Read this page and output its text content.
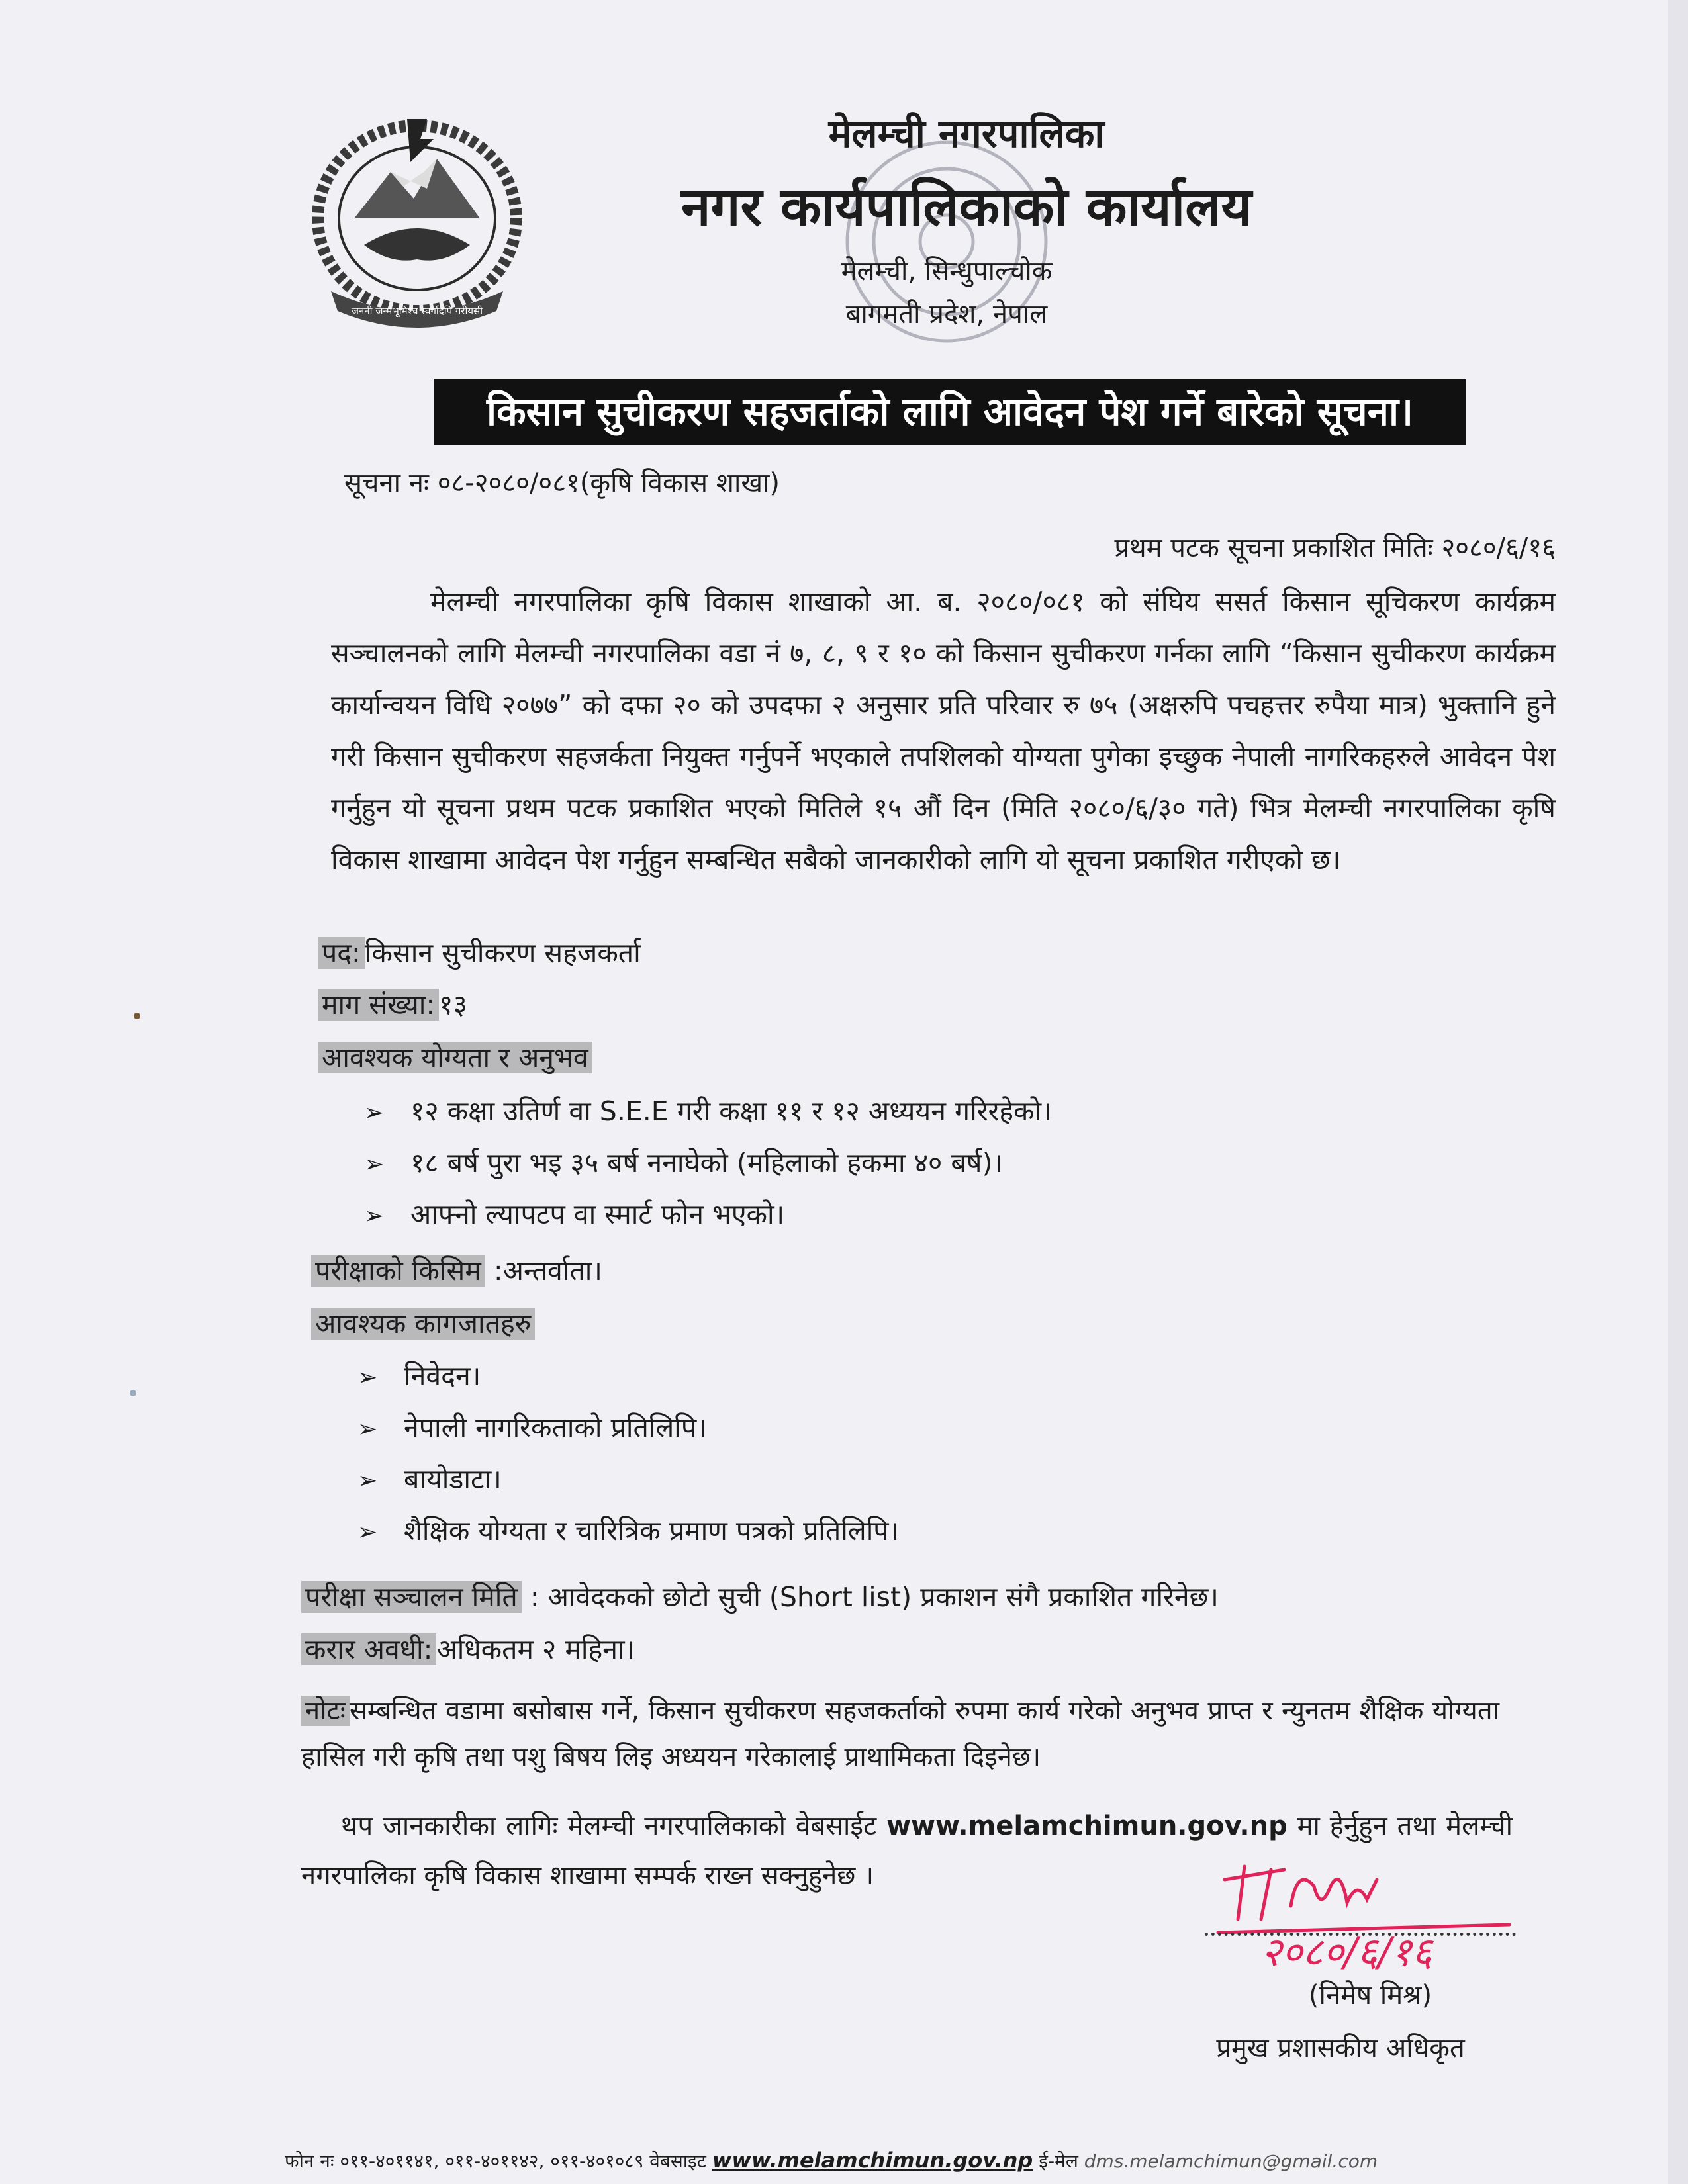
जननी जन्मभूमिश्च स्वर्गादपि गरीयसी
मेलम्ची नगरपालिका
नगर कार्यपालिकाको कार्यालय
मेलम्ची, सिन्धुपाल्चोक
बागमती प्रदेश, नेपाल
किसान सुचीकरण सहजर्ताको लागि आवेदन पेश गर्ने बारेको सूचना।
सूचना नः ०८-२०८०/०८१(कृषि विकास शाखा)
प्रथम पटक सूचना प्रकाशित मितिः २०८०/६/१६
मेलम्ची नगरपालिका कृषि विकास शाखाको आ. ब. २०८०/०८१ को संघिय ससर्त किसान सूचिकरण कार्यक्रम सञ्चालनको लागि मेलम्ची नगरपालिका वडा नं ७, ८, ९ र १० को किसान सुचीकरण गर्नका लागि “किसान सुचीकरण कार्यक्रम कार्यान्वयन विधि २०७७” को दफा २० को उपदफा २ अनुसार प्रति परिवार रु ७५ (अक्षरुपि पचहत्तर रुपैया मात्र) भुक्तानि हुने गरी किसान सुचीकरण सहजर्कता नियुक्त गर्नुपर्ने भएकाले तपशिलको योग्यता पुगेका इच्छुक नेपाली नागरिकहरुले आवेदन पेश गर्नुहुन यो सूचना प्रथम पटक प्रकाशित भएको मितिले १५ औं दिन (मिति २०८०/६/३० गते) भित्र मेलम्ची नगरपालिका कृषि विकास शाखामा आवेदन पेश गर्नुहुन सम्बन्धित सबैको जानकारीको लागि यो सूचना प्रकाशित गरीएको छ।
पद: किसान सुचीकरण सहजकर्ता
माग संख्या: १३
आवश्यक योग्यता र अनुभव
➢ १२ कक्षा उतिर्ण वा S.E.E गरी कक्षा ११ र १२ अध्ययन गरिरहेको।
➢ १८ बर्ष पुरा भइ ३५ बर्ष ननाघेको (महिलाको हकमा ४० बर्ष)।
➢ आफ्नो ल्यापटप वा स्मार्ट फोन भएको।
परीक्षाको किसिम :अन्तर्वाता।
आवश्यक कागजातहरु
➢ निवेदन।
➢ नेपाली नागरिकताको प्रतिलिपि।
➢ बायोडाटा।
➢ शैक्षिक योग्यता र चारित्रिक प्रमाण पत्रको प्रतिलिपि।
परीक्षा सञ्चालन मिति : आवेदकको छोटो सुची (Short list) प्रकाशन संगै प्रकाशित गरिनेछ।
करार अवधी: अधिकतम २ महिना।
नोटः सम्बन्धित वडामा बसोबास गर्ने, किसान सुचीकरण सहजकर्ताको रुपमा कार्य गरेको अनुभव प्राप्त र न्युनतम शैक्षिक योग्यता हासिल गरी कृषि तथा पशु बिषय लिइ अध्ययन गरेकालाई प्राथामिकता दिइनेछ।
थप जानकारीका लागिः मेलम्ची नगरपालिकाको वेबसाईट www.melamchimun.gov.np मा हेर्नुहुन तथा मेलम्ची नगरपालिका कृषि विकास शाखामा सम्पर्क राख्न सक्नुहुनेछ ।
२०८०/६/१६
(निमेष मिश्र)
प्रमुख प्रशासकीय अधिकृत
फोन नः ०११-४०११४१, ०११-४०११४२, ०११-४०१०८९ वेबसाइट www.melamchimun.gov.np ई-मेल dms.melamchimun@gmail.com
